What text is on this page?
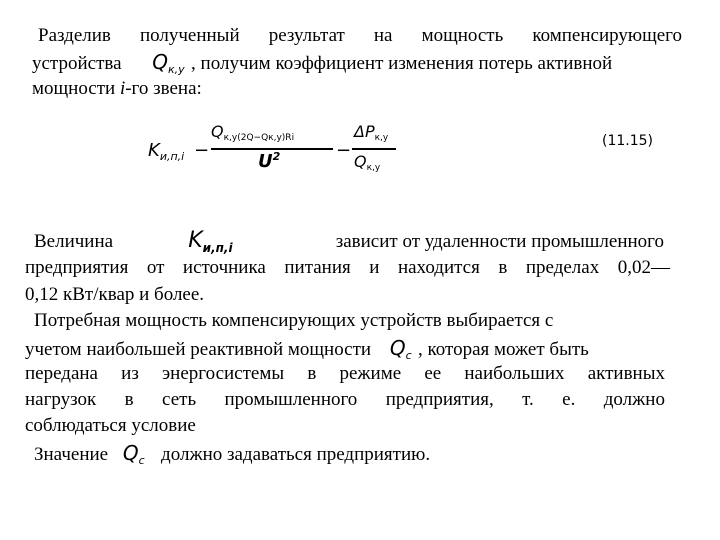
Разделив полученный результат на мощность компенсирующего
устройства $Q_{к,у}$ , получим коэффициент изменения потерь активной
мощности i-го звена:
$K_{и,п,i}$ −
Qк,у(2Q−Qк,у)Ri
$U^2$	−
ΔPк,у
Qк,у
(11.15)
Величина	$K_{и,п,i}$	зависит от удаленности промышленного
предприятия от источника питания и находится в пределах 0,02—
0,12 кВт/квар и более.
Потребная мощность компенсирующих устройств выбирается с
учетом наибольшей реактивной мощности $Q_c$ , которая может быть
передана из энергосистемы в режиме ее наибольших активных
нагрузок в сеть промышленного предприятия, т. е. должно
соблюдаться условие
Значение $Q_c$ должно задаваться предприятию.
